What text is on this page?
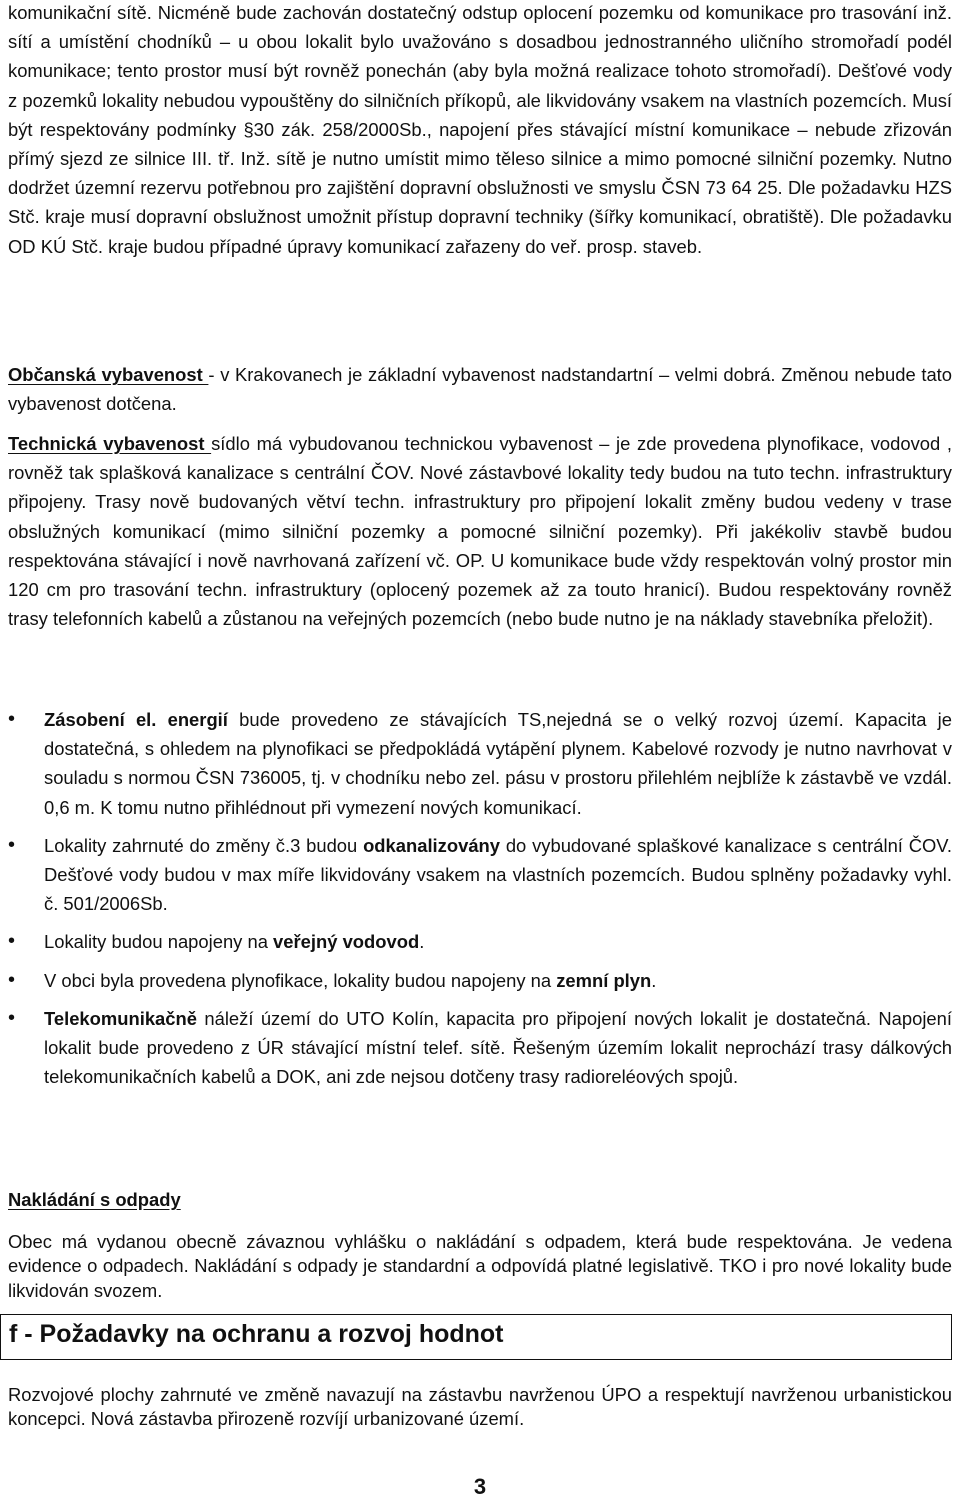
komunikační sítě. Nicméně bude zachován dostatečný odstup oplocení pozemku od komunikace pro trasování inž. sítí a umístění chodníků – u obou lokalit bylo uvažováno s dosadbou jednostranného uličního stromořadí podél komunikace; tento prostor musí být rovněž ponechán (aby byla možná realizace tohoto stromořadí). Dešťové vody z pozemků lokality nebudou vypouštěny do silničních příkopů, ale likvidovány vsakem na vlastních pozemcích. Musí být respektovány podmínky §30 zák. 258/2000Sb., napojení přes stávající místní komunikace – nebude zřizován přímý sjezd ze silnice III. tř. Inž. sítě je nutno umístit mimo těleso silnice a mimo pomocné silniční pozemky. Nutno dodržet územní rezervu potřebnou pro zajištění dopravní obslužnosti ve smyslu ČSN 73 64 25. Dle požadavku HZS Stč. kraje musí dopravní obslužnost umožnit přístup dopravní techniky (šířky komunikací, obratiště). Dle požadavku OD KÚ Stč. kraje budou případné úpravy komunikací zařazeny do veř. prosp. staveb.
Občanská vybavenost - v Krakovanech je základní vybavenost nadstandartní – velmi dobrá. Změnou nebude tato vybavenost dotčena.
Technická vybavenost sídlo má vybudovanou technickou vybavenost – je zde provedena plynofikace, vodovod , rovněž tak splašková kanalizace s centrální ČOV. Nové zástavbové lokality tedy budou na tuto techn. infrastruktury připojeny. Trasy nově budovaných větví techn. infrastruktury pro připojení lokalit změny budou vedeny v trase obslužných komunikací (mimo silniční pozemky a pomocné silniční pozemky). Při jakékoliv stavbě budou respektována stávající i nově navrhovaná zařízení vč. OP. U komunikace bude vždy respektován volný prostor min 120 cm pro trasování techn. infrastruktury (oplocený pozemek až za touto hranicí). Budou respektovány rovněž trasy telefonních kabelů a zůstanou na veřejných pozemcích (nebo bude nutno je na náklady stavebníka přeložit).
• Zásobení el. energií bude provedeno ze stávajících TS,nejedná se o velký rozvoj území. Kapacita je dostatečná, s ohledem na plynofikaci se předpokládá vytápění plynem. Kabelové rozvody je nutno navrhovat v souladu s normou ČSN 736005, tj. v chodníku nebo zel. pásu v prostoru přilehlém nejblíže k zástavbě ve vzdál. 0,6 m. K tomu nutno přihlédnout při vymezení nových komunikací.
• Lokality zahrnuté do změny č.3 budou odkanalizovány do vybudované splaškové kanalizace s centrální ČOV. Dešťové vody budou v max míře likvidovány vsakem na vlastních pozemcích. Budou splněny požadavky vyhl. č. 501/2006Sb.
• Lokality budou napojeny na veřejný vodovod.
• V obci byla provedena plynofikace, lokality budou napojeny na zemní plyn.
• Telekomunikačně náleží území do UTO Kolín, kapacita pro připojení nových lokalit je dostatečná. Napojení lokalit bude provedeno z ÚR stávající místní telef. sítě. Řešeným územím lokalit neprochází trasy dálkových telekomunikačních kabelů a DOK, ani zde nejsou dotčeny trasy radioreléových spojů.
Nakládání s odpady
Obec má vydanou obecně závaznou vyhlášku o nakládání s odpadem, která bude respektována. Je vedena evidence o odpadech. Nakládání s odpady je standardní a odpovídá platné legislativě. TKO i pro nové lokality bude likvidován svozem.
f - Požadavky na ochranu a rozvoj hodnot
Rozvojové plochy zahrnuté ve změně navazují na zástavbu navrženou ÚPO a respektují navrženou urbanistickou koncepci. Nová zástavba přirozeně rozvíjí urbanizované území.
3
